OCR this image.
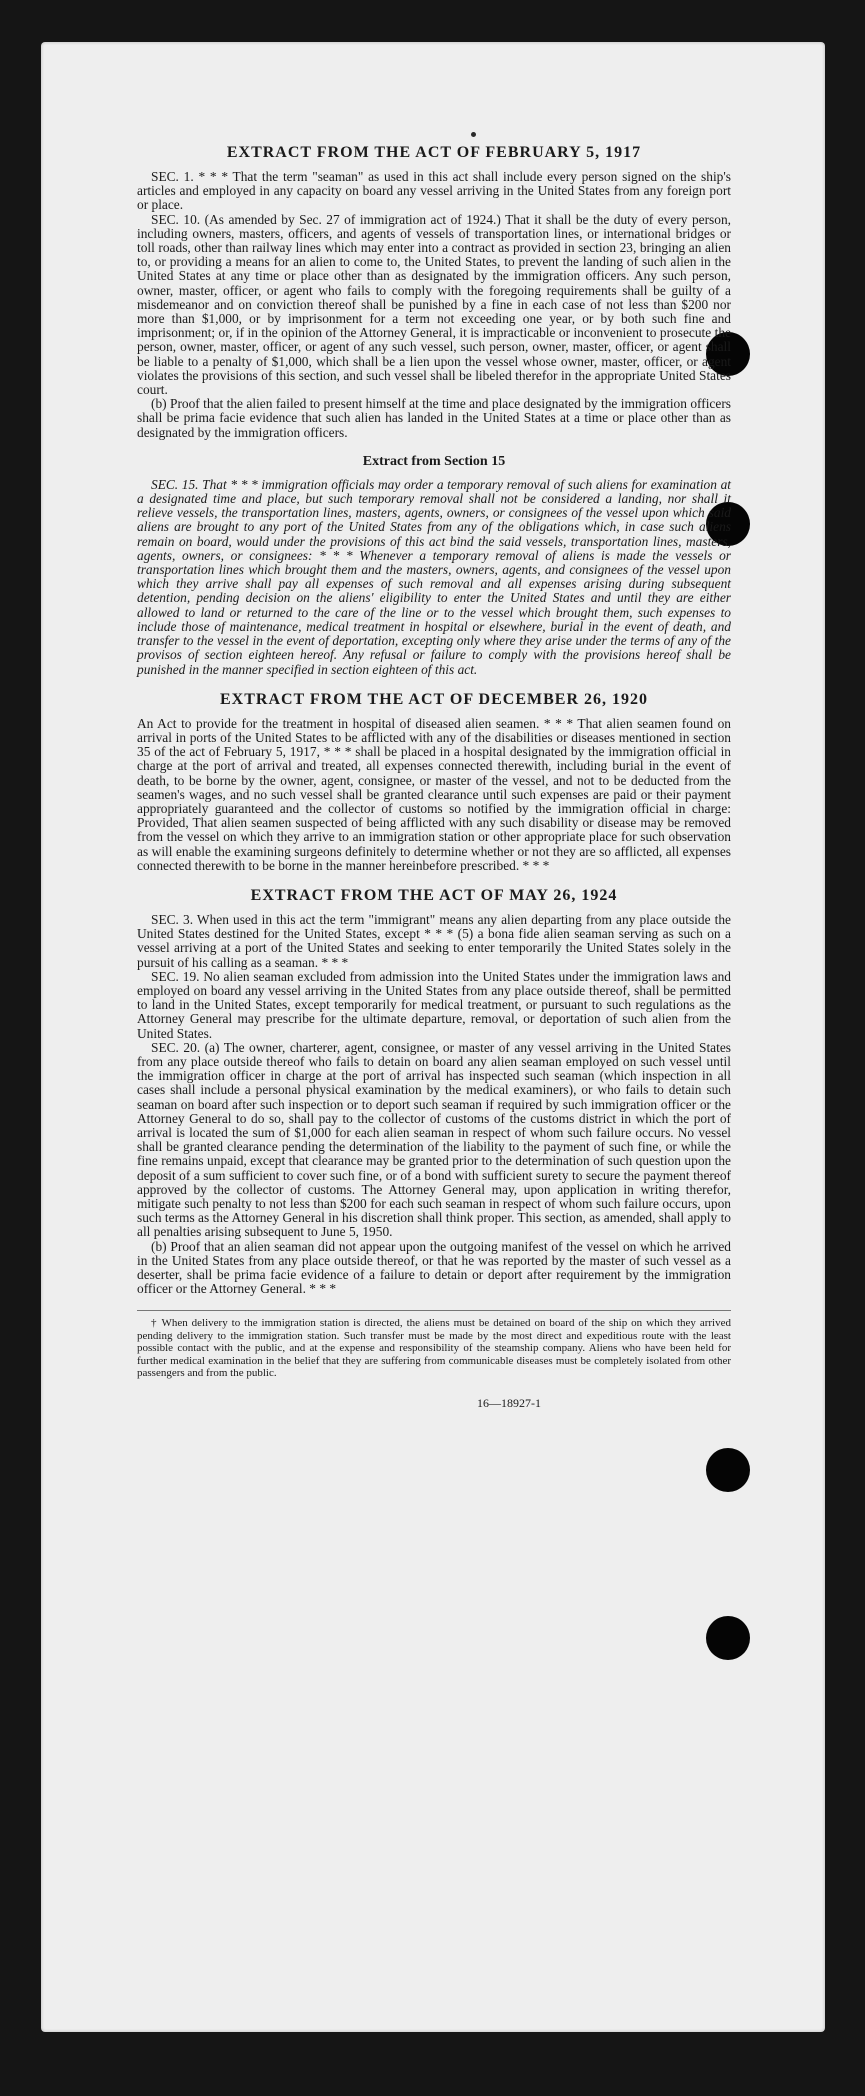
EXTRACT FROM THE ACT OF FEBRUARY 5, 1917

SEC. 1. * * * That the term "seaman" as used in this act shall include every person signed on the ship's articles and employed in any capacity on board any vessel arriving in the United States from any foreign port or place.

SEC. 10. (As amended by Sec. 27 of immigration act of 1924.) That it shall be the duty of every person, including owners, masters, officers, and agents of vessels of transportation lines, or international bridges or toll roads, other than railway lines which may enter into a contract as provided in section 23, bringing an alien to, or providing a means for an alien to come to, the United States, to prevent the landing of such alien in the United States at any time or place other than as designated by the immigration officers. Any such person, owner, master, officer, or agent who fails to comply with the foregoing requirements shall be guilty of a misdemeanor and on conviction thereof shall be punished by a fine in each case of not less than $200 nor more than $1,000, or by imprisonment for a term not exceeding one year, or by both such fine and imprisonment; or, if in the opinion of the Attorney General, it is impracticable or inconvenient to prosecute the person, owner, master, officer, or agent of any such vessel, such person, owner, master, officer, or agent shall be liable to a penalty of $1,000, which shall be a lien upon the vessel whose owner, master, officer, or agent violates the provisions of this section, and such vessel shall be libeled therefor in the appropriate United States court.

(b) Proof that the alien failed to present himself at the time and place designated by the immigration officers shall be prima facie evidence that such alien has landed in the United States at a time or place other than as designated by the immigration officers.

Extract from Section 15

SEC. 15. That * * * immigration officials may order a temporary removal of such aliens for examination at a designated time and place, but such temporary removal shall not be considered a landing, nor shall it relieve vessels, the transportation lines, masters, agents, owners, or consignees of the vessel upon which said aliens are brought to any port of the United States from any of the obligations which, in case such aliens remain on board, would under the provisions of this act bind the said vessels, transportation lines, masters, agents, owners, or consignees: * * * Whenever a temporary removal of aliens is made the vessels or transportation lines which brought them and the masters, owners, agents, and consignees of the vessel upon which they arrive shall pay all expenses of such removal and all expenses arising during subsequent detention, pending decision on the aliens' eligibility to enter the United States and until they are either allowed to land or returned to the care of the line or to the vessel which brought them, such expenses to include those of maintenance, medical treatment in hospital or elsewhere, burial in the event of death, and transfer to the vessel in the event of deportation, excepting only where they arise under the terms of any of the provisos of section eighteen hereof. Any refusal or failure to comply with the provisions hereof shall be punished in the manner specified in section eighteen of this act.

EXTRACT FROM THE ACT OF DECEMBER 26, 1920

An Act to provide for the treatment in hospital of diseased alien seamen. * * * That alien seamen found on arrival in ports of the United States to be afflicted with any of the disabilities or diseases mentioned in section 35 of the act of February 5, 1917, * * * shall be placed in a hospital designated by the immigration official in charge at the port of arrival and treated, all expenses connected therewith, including burial in the event of death, to be borne by the owner, agent, consignee, or master of the vessel, and not to be deducted from the seamen's wages, and no such vessel shall be granted clearance until such expenses are paid or their payment appropriately guaranteed and the collector of customs so notified by the immigration official in charge: Provided, That alien seamen suspected of being afflicted with any such disability or disease may be removed from the vessel on which they arrive to an immigration station or other appropriate place for such observation as will enable the examining surgeons definitely to determine whether or not they are so afflicted, all expenses connected therewith to be borne in the manner hereinbefore prescribed. * * *

EXTRACT FROM THE ACT OF MAY 26, 1924

SEC. 3. When used in this act the term "immigrant" means any alien departing from any place outside the United States destined for the United States, except * * * (5) a bona fide alien seaman serving as such on a vessel arriving at a port of the United States and seeking to enter temporarily the United States solely in the pursuit of his calling as a seaman. * * *

SEC. 19. No alien seaman excluded from admission into the United States under the immigration laws and employed on board any vessel arriving in the United States from any place outside thereof, shall be permitted to land in the United States, except temporarily for medical treatment, or pursuant to such regulations as the Attorney General may prescribe for the ultimate departure, removal, or deportation of such alien from the United States.

SEC. 20. (a) The owner, charterer, agent, consignee, or master of any vessel arriving in the United States from any place outside thereof who fails to detain on board any alien seaman employed on such vessel until the immigration officer in charge at the port of arrival has inspected such seaman (which inspection in all cases shall include a personal physical examination by the medical examiners), or who fails to detain such seaman on board after such inspection or to deport such seaman if required by such immigration officer or the Attorney General to do so, shall pay to the collector of customs of the customs district in which the port of arrival is located the sum of $1,000 for each alien seaman in respect of whom such failure occurs. No vessel shall be granted clearance pending the determination of the liability to the payment of such fine, or while the fine remains unpaid, except that clearance may be granted prior to the determination of such question upon the deposit of a sum sufficient to cover such fine, or of a bond with sufficient surety to secure the payment thereof approved by the collector of customs. The Attorney General may, upon application in writing therefor, mitigate such penalty to not less than $200 for each such seaman in respect of whom such failure occurs, upon such terms as the Attorney General in his discretion shall think proper. This section, as amended, shall apply to all penalties arising subsequent to June 5, 1950.

(b) Proof that an alien seaman did not appear upon the outgoing manifest of the vessel on which he arrived in the United States from any place outside thereof, or that he was reported by the master of such vessel as a deserter, shall be prima facie evidence of a failure to detain or deport after requirement by the immigration officer or the Attorney General. * * *

† When delivery to the immigration station is directed, the aliens must be detained on board of the ship on which they arrived pending delivery to the immigration station. Such transfer must be made by the most direct and expeditious route with the least possible contact with the public, and at the expense and responsibility of the steamship company. Aliens who have been held for further medical examination in the belief that they are suffering from communicable diseases must be completely isolated from other passengers and from the public.

16—18927-1
